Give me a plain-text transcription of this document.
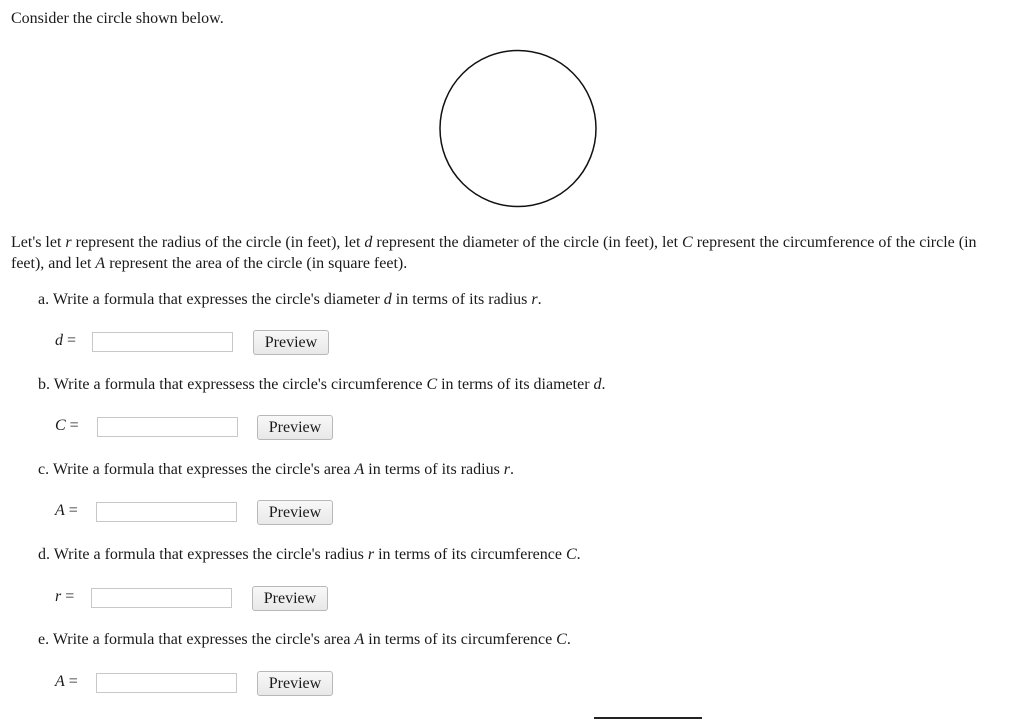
Consider the circle shown below.
Let's let r represent the radius of the circle (in feet), let d represent the diameter of the circle (in feet), let C represent the circumference of the circle (in feet), and let A represent the area of the circle (in square feet).
a. Write a formula that expresses the circle's diameter d in terms of its radius r.
d =	Preview
b. Write a formula that expressess the circle's circumference C in terms of its diameter d.
C =	Preview
c. Write a formula that expresses the circle's area A in terms of its radius r.
A =	Preview
d. Write a formula that expresses the circle's radius r in terms of its circumference C.
r =	Preview
e. Write a formula that expresses the circle's area A in terms of its circumference C.
A =	Preview
